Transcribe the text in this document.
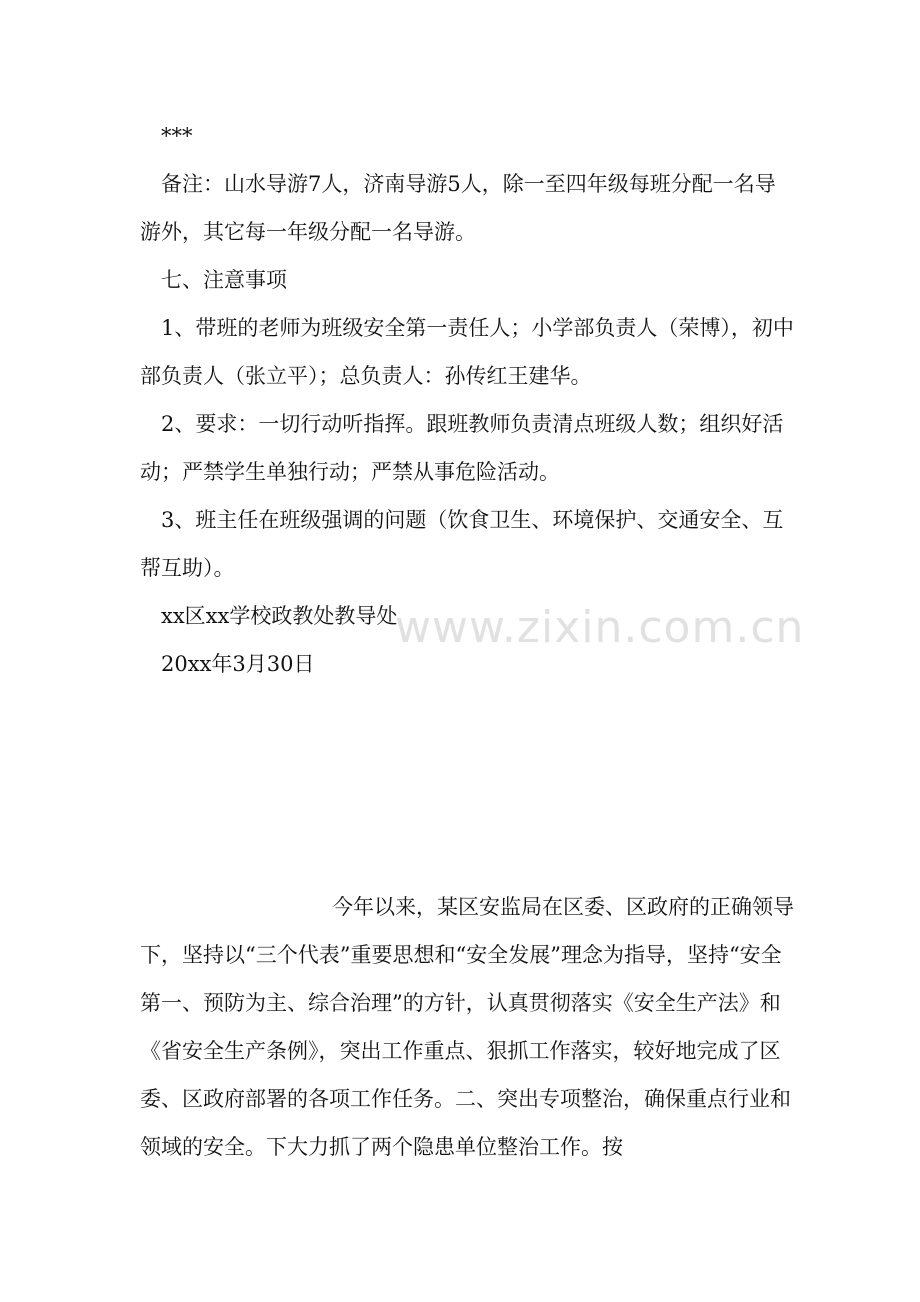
www.zixin.com.cn

***

备注：山水导游7人，济南导游5人，除一至四年级每班分配一名导游外，其它每一年级分配一名导游。

七、注意事项

1、带班的老师为班级安全第一责任人；小学部负责人（荣博），初中部负责人（张立平）；总负责人：孙传红王建华。

2、要求：一切行动听指挥。跟班教师负责清点班级人数；组织好活动；严禁学生单独行动；严禁从事危险活动。

3、班主任在班级强调的问题（饮食卫生、环境保护、交通安全、互帮互助）。

xx区xx学校政教处教导处

20xx年3月30日

今年以来，某区安监局在区委、区政府的正确领导下，坚持以“三个代表”重要思想和“安全发展”理念为指导，坚持“安全第一、预防为主、综合治理”的方针，认真贯彻落实《安全生产法》和《省安全生产条例》，突出工作重点、狠抓工作落实，较好地完成了区委、区政府部署的各项工作任务。二、突出专项整治，确保重点行业和领域的安全。下大力抓了两个隐患单位整治工作。按
